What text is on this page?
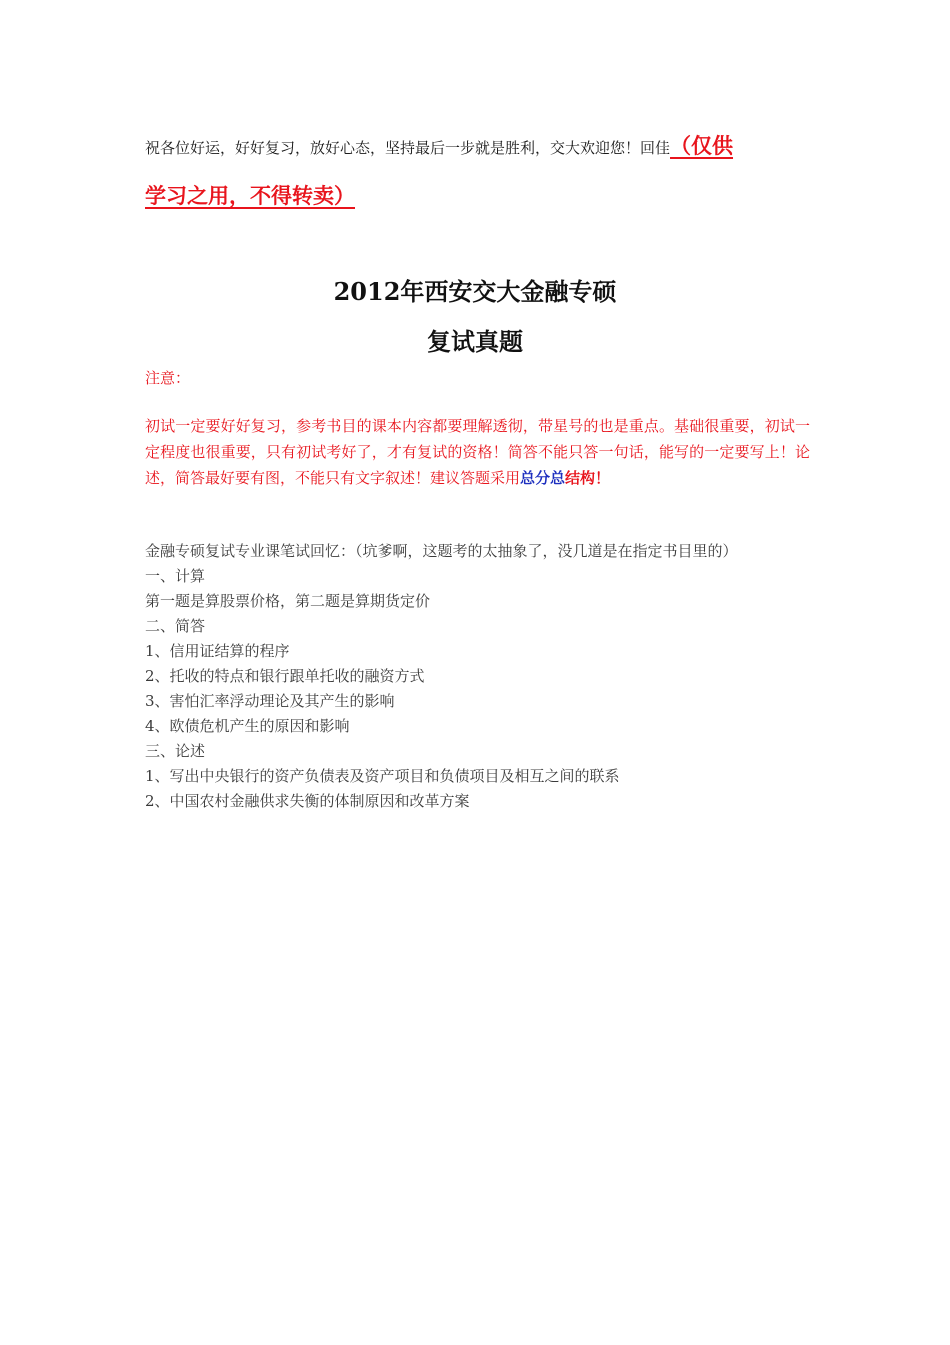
祝各位好运，好好复习，放好心态，坚持最后一步就是胜利，交大欢迎您！回佳（仅供
学习之用，不得转卖）
2012年西安交大金融专硕
复试真题
注意：
初试一定要好好复习，参考书目的课本内容都要理解透彻，带星号的也是重点。基础很重要，初试一定程度也很重要，只有初试考好了，才有复试的资格！简答不能只答一句话，能写的一定要写上！论述，简答最好要有图，不能只有文字叙述！建议答题采用总分总结构！
金融专硕复试专业课笔试回忆：（坑爹啊，这题考的太抽象了，没几道是在指定书目里的）
一、计算
第一题是算股票价格，第二题是算期货定价
二、简答
1、信用证结算的程序
2、托收的特点和银行跟单托收的融资方式
3、害怕汇率浮动理论及其产生的影响
4、欧债危机产生的原因和影响
三、论述
1、写出中央银行的资产负债表及资产项目和负债项目及相互之间的联系
2、中国农村金融供求失衡的体制原因和改革方案
